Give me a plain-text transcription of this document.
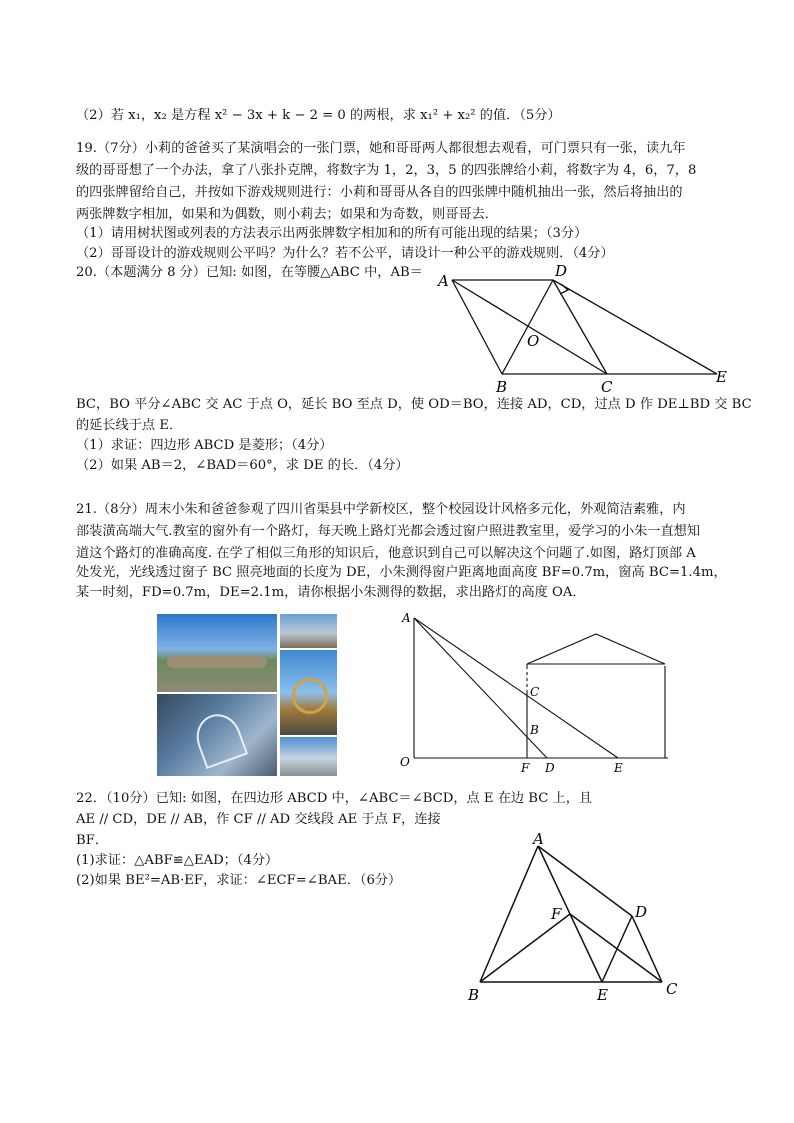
（2）若 x₁，x₂ 是方程 x² − 3x + k − 2 = 0 的两根，求 x₁² + x₂² 的值．（5分）
19.（7分）小莉的爸爸买了某演唱会的一张门票，她和哥哥两人都很想去观看，可门票只有一张，读九年
级的哥哥想了一个办法，拿了八张扑克牌，将数字为 1，2，3，5 的四张牌给小莉，将数字为 4，6，7，8
的四张牌留给自己，并按如下游戏规则进行：小莉和哥哥从各自的四张牌中随机抽出一张，然后将抽出的
两张牌数字相加，如果和为偶数，则小莉去；如果和为奇数，则哥哥去．
（1）请用树状图或列表的方法表示出两张牌数字相加和的所有可能出现的结果；（3分）
（2）哥哥设计的游戏规则公平吗？为什么？若不公平，请设计一种公平的游戏规则．（4分）
20.（本题满分 8 分）已知: 如图，在等腰△ABC 中，AB＝ A
D
O
B	C
E
BC，BO 平分∠ABC 交 AC 于点 O，延长 BO 至点 D，使 OD＝BO，连接 AD，CD，过点 D 作 DE⊥BD 交 BC
的延长线于点 E．
（1）求证：四边形 ABCD 是菱形；（4分）
（2）如果 AB＝2，∠BAD＝60°，求 DE 的长．（4分）
21.（8分）周末小朱和爸爸参观了四川省渠县中学新校区，整个校园设计风格多元化，外观简洁素雅，内
部装潢高端大气.教室的窗外有一个路灯，每天晚上路灯光都会透过窗户照进教室里，爱学习的小朱一直想知
道这个路灯的准确高度. 在学了相似三角形的知识后，他意识到自己可以解决这个问题了.如图，路灯顶部 A
处发光，光线透过窗子 BC 照亮地面的长度为 DE，小朱测得窗户距离地面高度 BF=0.7m，窗高 BC=1.4m，
某一时刻，FD=0.7m，DE=2.1m，请你根据小朱测得的数据，求出路灯的高度 OA．
A
C
B
O	F D	E
22．（10分）已知: 如图，在四边形 ABCD 中，∠ABC＝∠BCD，点 E 在边 BC 上，且
AE // CD，DE // AB，作 CF // AD 交线段 AE 于点 F，连接
BF．
(1)求证：△ABF≌△EAD；（4分）
(2)如果 BE²=AB·EF，求证：∠ECF=∠BAE．（6分）
A
F	D
B	E	C
